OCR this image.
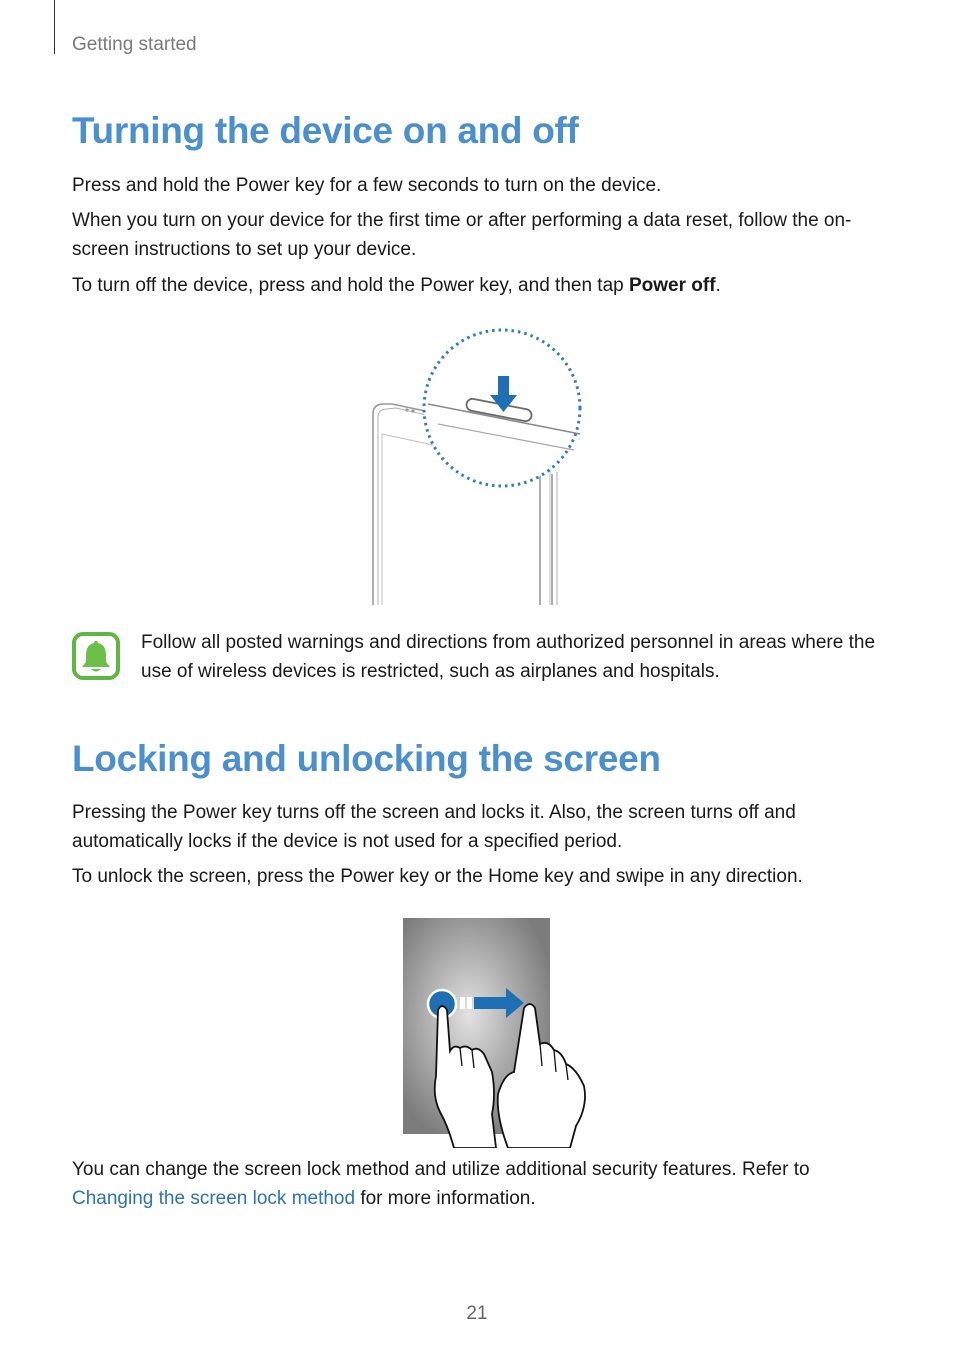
Getting started
Turning the device on and off

Press and hold the Power key for a few seconds to turn on the device.

When you turn on your device for the first time or after performing a data reset, follow the on-screen instructions to set up your device.

To turn off the device, press and hold the Power key, and then tap Power off.

Follow all posted warnings and directions from authorized personnel in areas where the use of wireless devices is restricted, such as airplanes and hospitals.

Locking and unlocking the screen

Pressing the Power key turns off the screen and locks it. Also, the screen turns off and automatically locks if the device is not used for a specified period.

To unlock the screen, press the Power key or the Home key and swipe in any direction.

You can change the screen lock method and utilize additional security features. Refer to Changing the screen lock method for more information.

21
